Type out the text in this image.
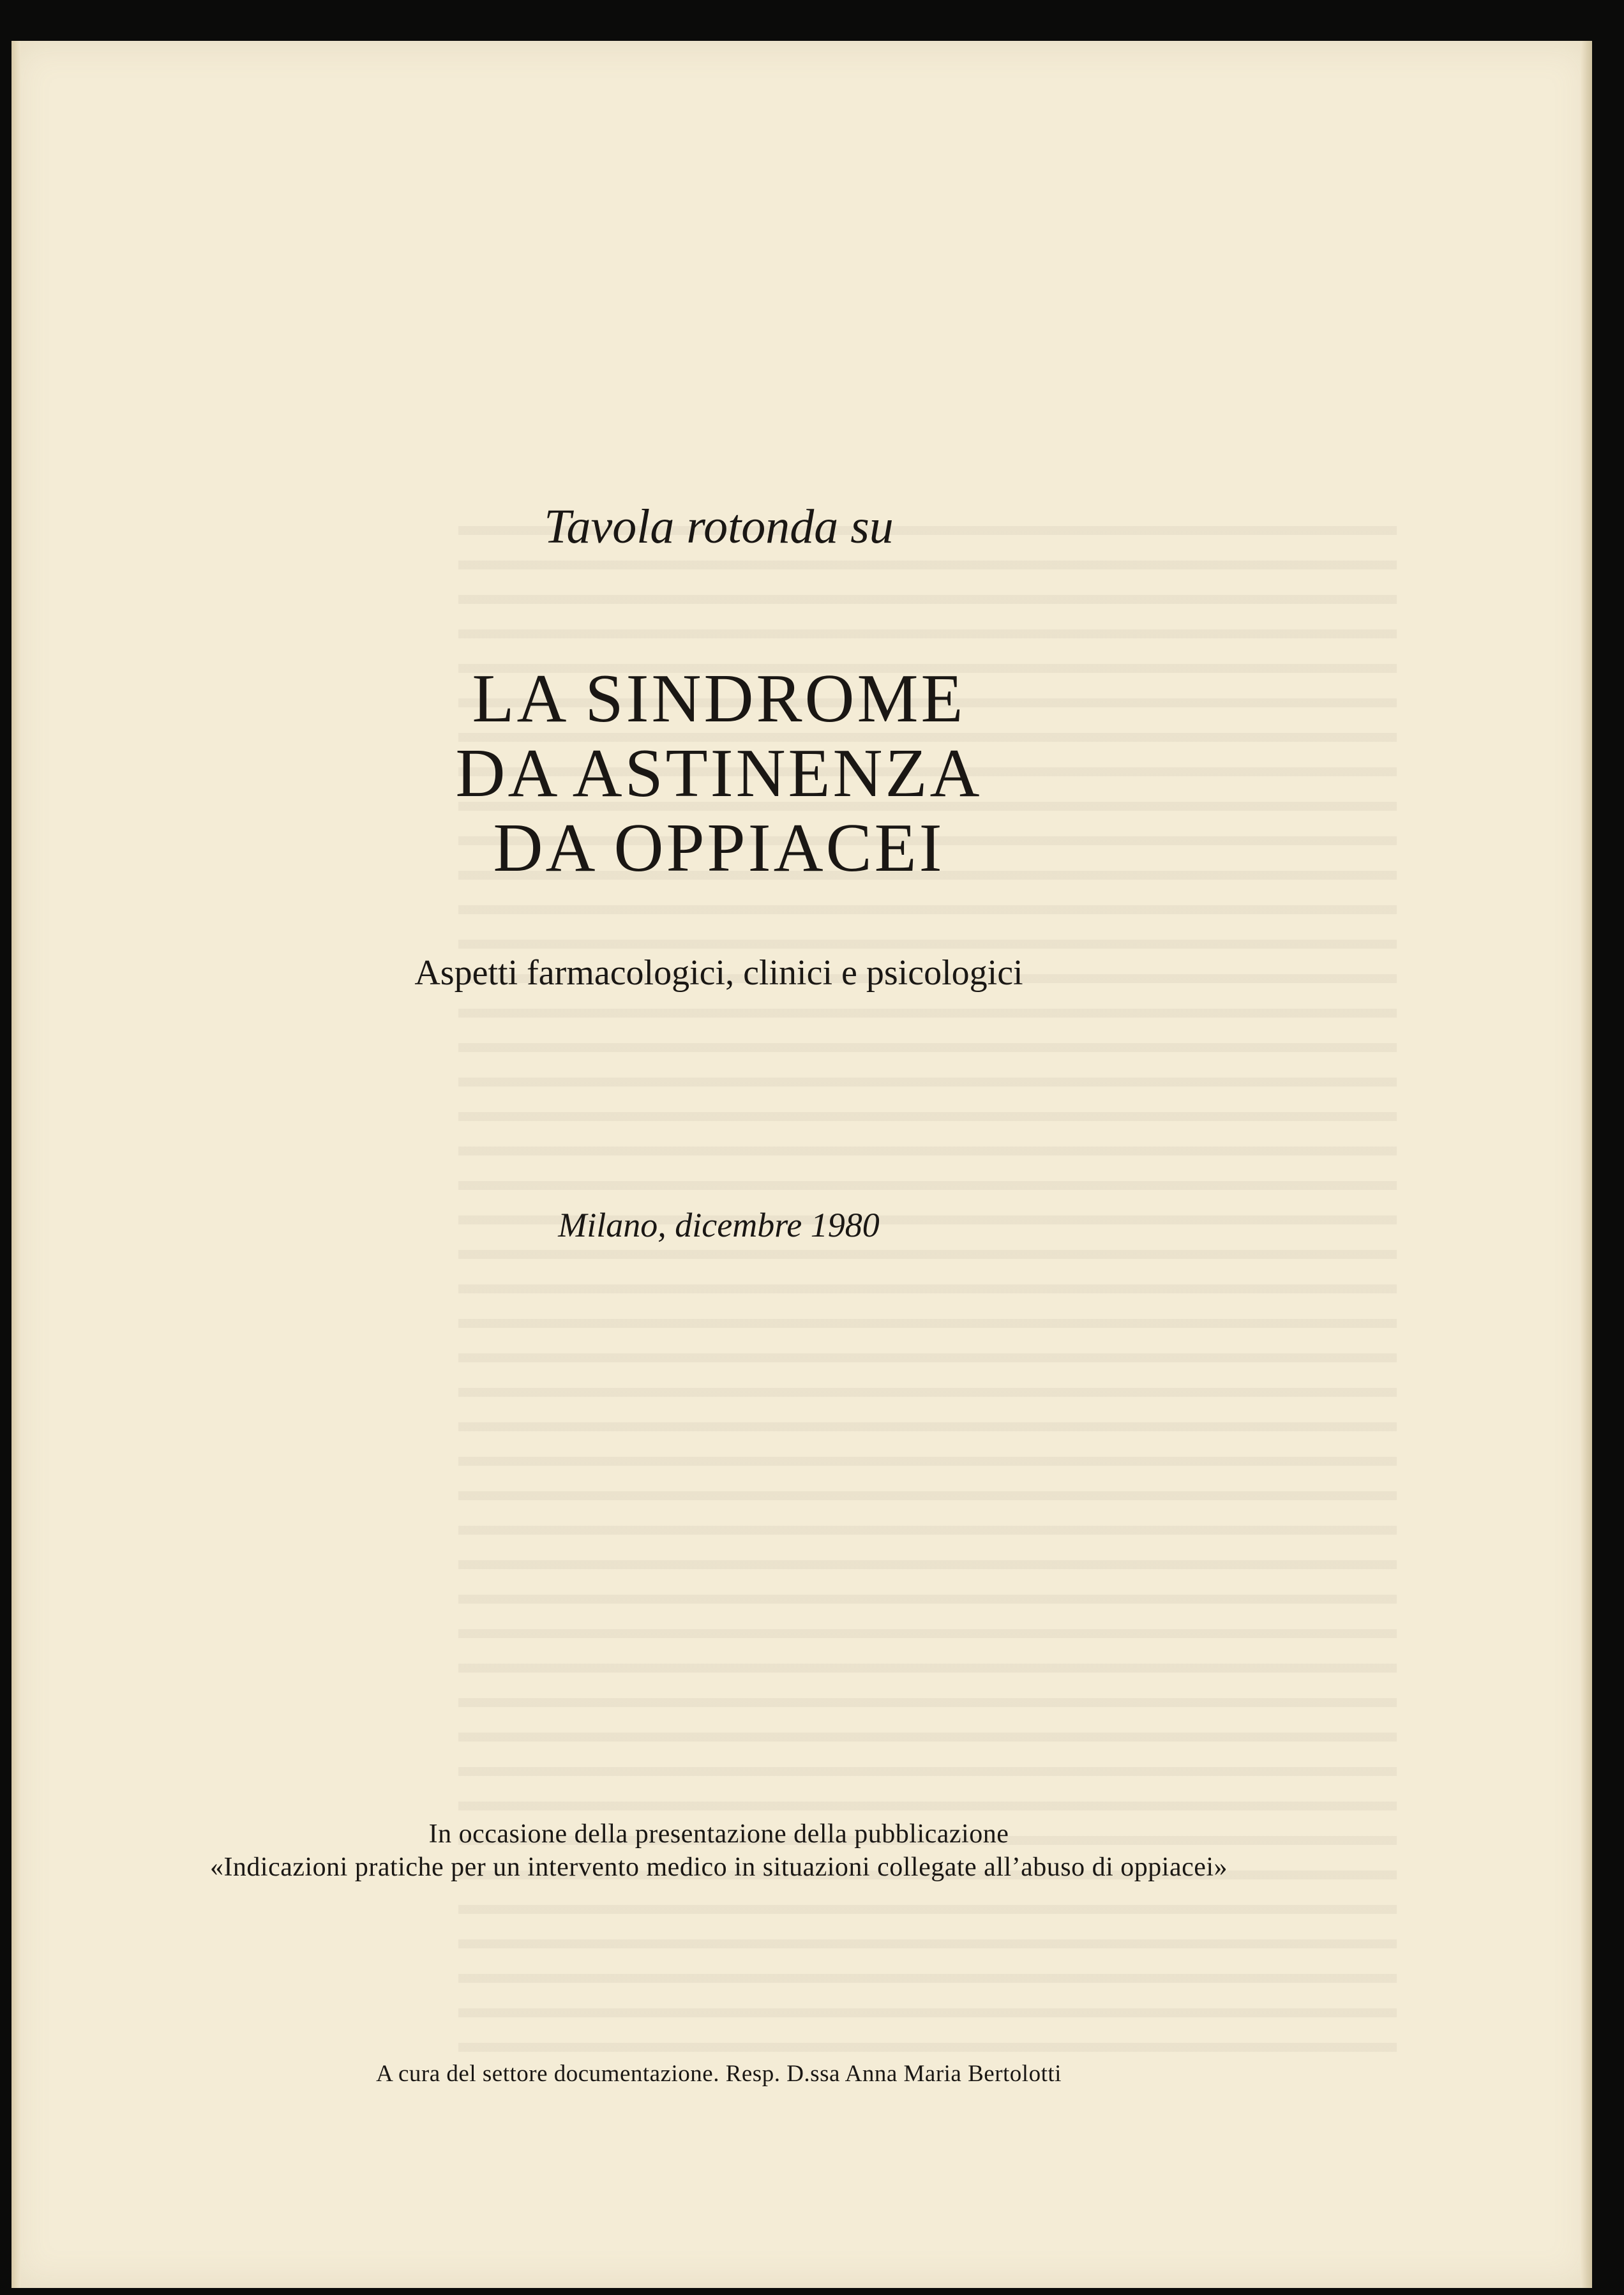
Tavola rotonda su

LA SINDROME
DA ASTINENZA
DA OPPIACEI

Aspetti farmacologici, clinici e psicologici

Milano, dicembre 1980

In occasione della presentazione della pubblicazione
«Indicazioni pratiche per un intervento medico in situazioni collegate all’abuso di oppiacei»

A cura del settore documentazione. Resp. D.ssa Anna Maria Bertolotti
